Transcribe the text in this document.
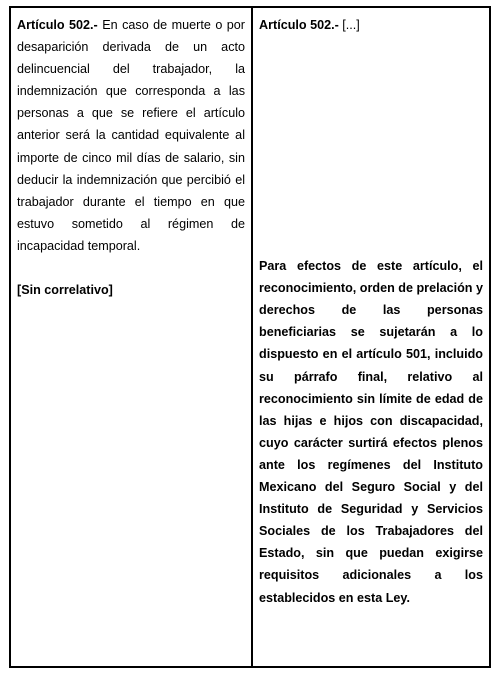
Artículo 502.- En caso de muerte o por desaparición derivada de un acto delincuencial del trabajador, la indemnización que corresponda a las personas a que se refiere el artículo anterior será la cantidad equivalente al importe de cinco mil días de salario, sin deducir la indemnización que percibió el trabajador durante el tiempo en que estuvo sometido al régimen de incapacidad temporal.

[Sin correlativo]

Artículo 502.- [...]

Para efectos de este artículo, el reconocimiento, orden de prelación y derechos de las personas beneficiarias se sujetarán a lo dispuesto en el artículo 501, incluido su párrafo final, relativo al reconocimiento sin límite de edad de las hijas e hijos con discapacidad, cuyo carácter surtirá efectos plenos ante los regímenes del Instituto Mexicano del Seguro Social y del Instituto de Seguridad y Servicios Sociales de los Trabajadores del Estado, sin que puedan exigirse requisitos adicionales a los establecidos en esta Ley.
